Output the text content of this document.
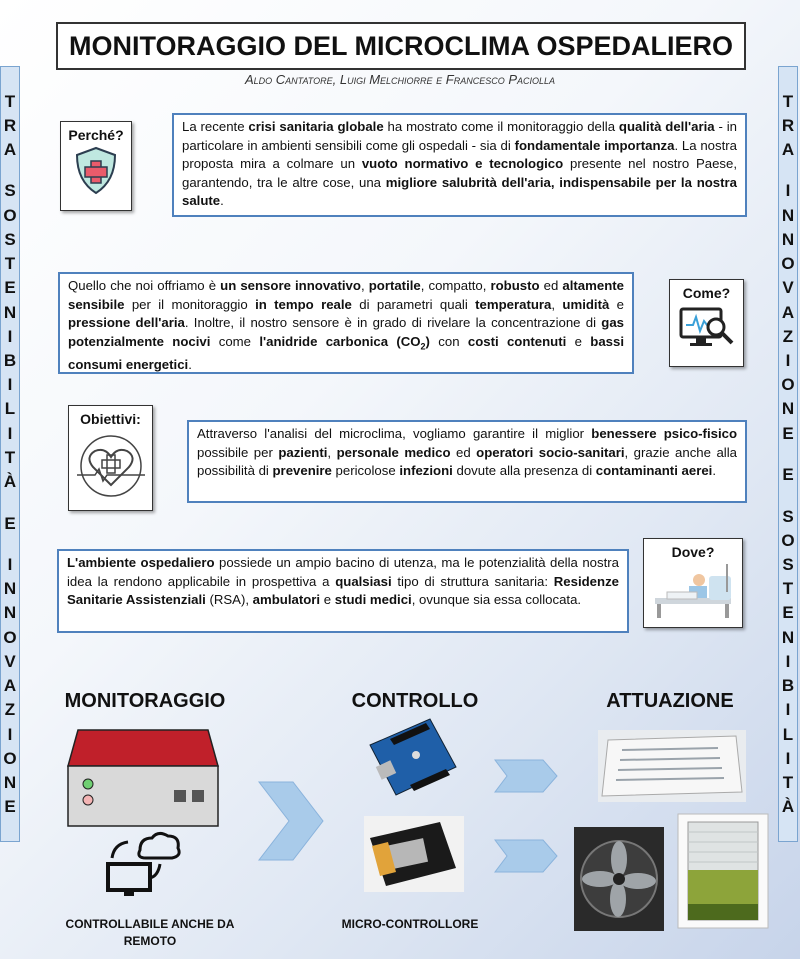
MONITORAGGIO DEL MICROCLIMA OSPEDALIERO
Aldo Cantatore, Luigi Melchiorre e Francesco Paciolla
T
R
A
S
O
S
T
E
N
I
B
I
L
I
T
À
E
I
N
N
O
V
A
Z
I
O
N
E
T
R
A
I
N
N
O
V
A
Z
I
O
N
E
E
S
O
S
T
E
N
I
B
I
L
I
T
À
Perché?
La recente crisi sanitaria globale ha mostrato come il monitoraggio della qualità dell'aria - in particolare in ambienti sensibili come gli ospedali - sia di fondamentale importanza. La nostra proposta mira a colmare un vuoto normativo e tecnologico presente nel nostro Paese, garantendo, tra le altre cose, una migliore salubrità dell'aria, indispensabile per la nostra salute.
Quello che noi offriamo è un sensore innovativo, portatile, compatto, robusto ed altamente sensibile per il monitoraggio in tempo reale di parametri quali temperatura, umidità e pressione dell'aria. Inoltre, il nostro sensore è in grado di rivelare la concentrazione di gas potenzialmente nocivi come l'anidride carbonica $(CO_2)$ con costi contenuti e bassi consumi energetici.
Come?
Obiettivi:
Attraverso l'analisi del microclima, vogliamo garantire il miglior benessere psico-fisico possibile per pazienti, personale medico ed operatori socio-sanitari, grazie anche alla possibilità di prevenire pericolose infezioni dovute alla presenza di contaminanti aerei.
L'ambiente ospedaliero possiede un ampio bacino di utenza, ma le potenzialità della nostra idea la rendono applicabile in prospettiva a qualsiasi tipo di struttura sanitaria: Residenze Sanitarie Assistenziali (RSA), ambulatori e studi medici, ovunque sia essa collocata.
Dove?
MONITORAGGIO
CONTROLLABILE ANCHE DA REMOTO
CONTROLLO
MICRO-CONTROLLORE
ATTUAZIONE
